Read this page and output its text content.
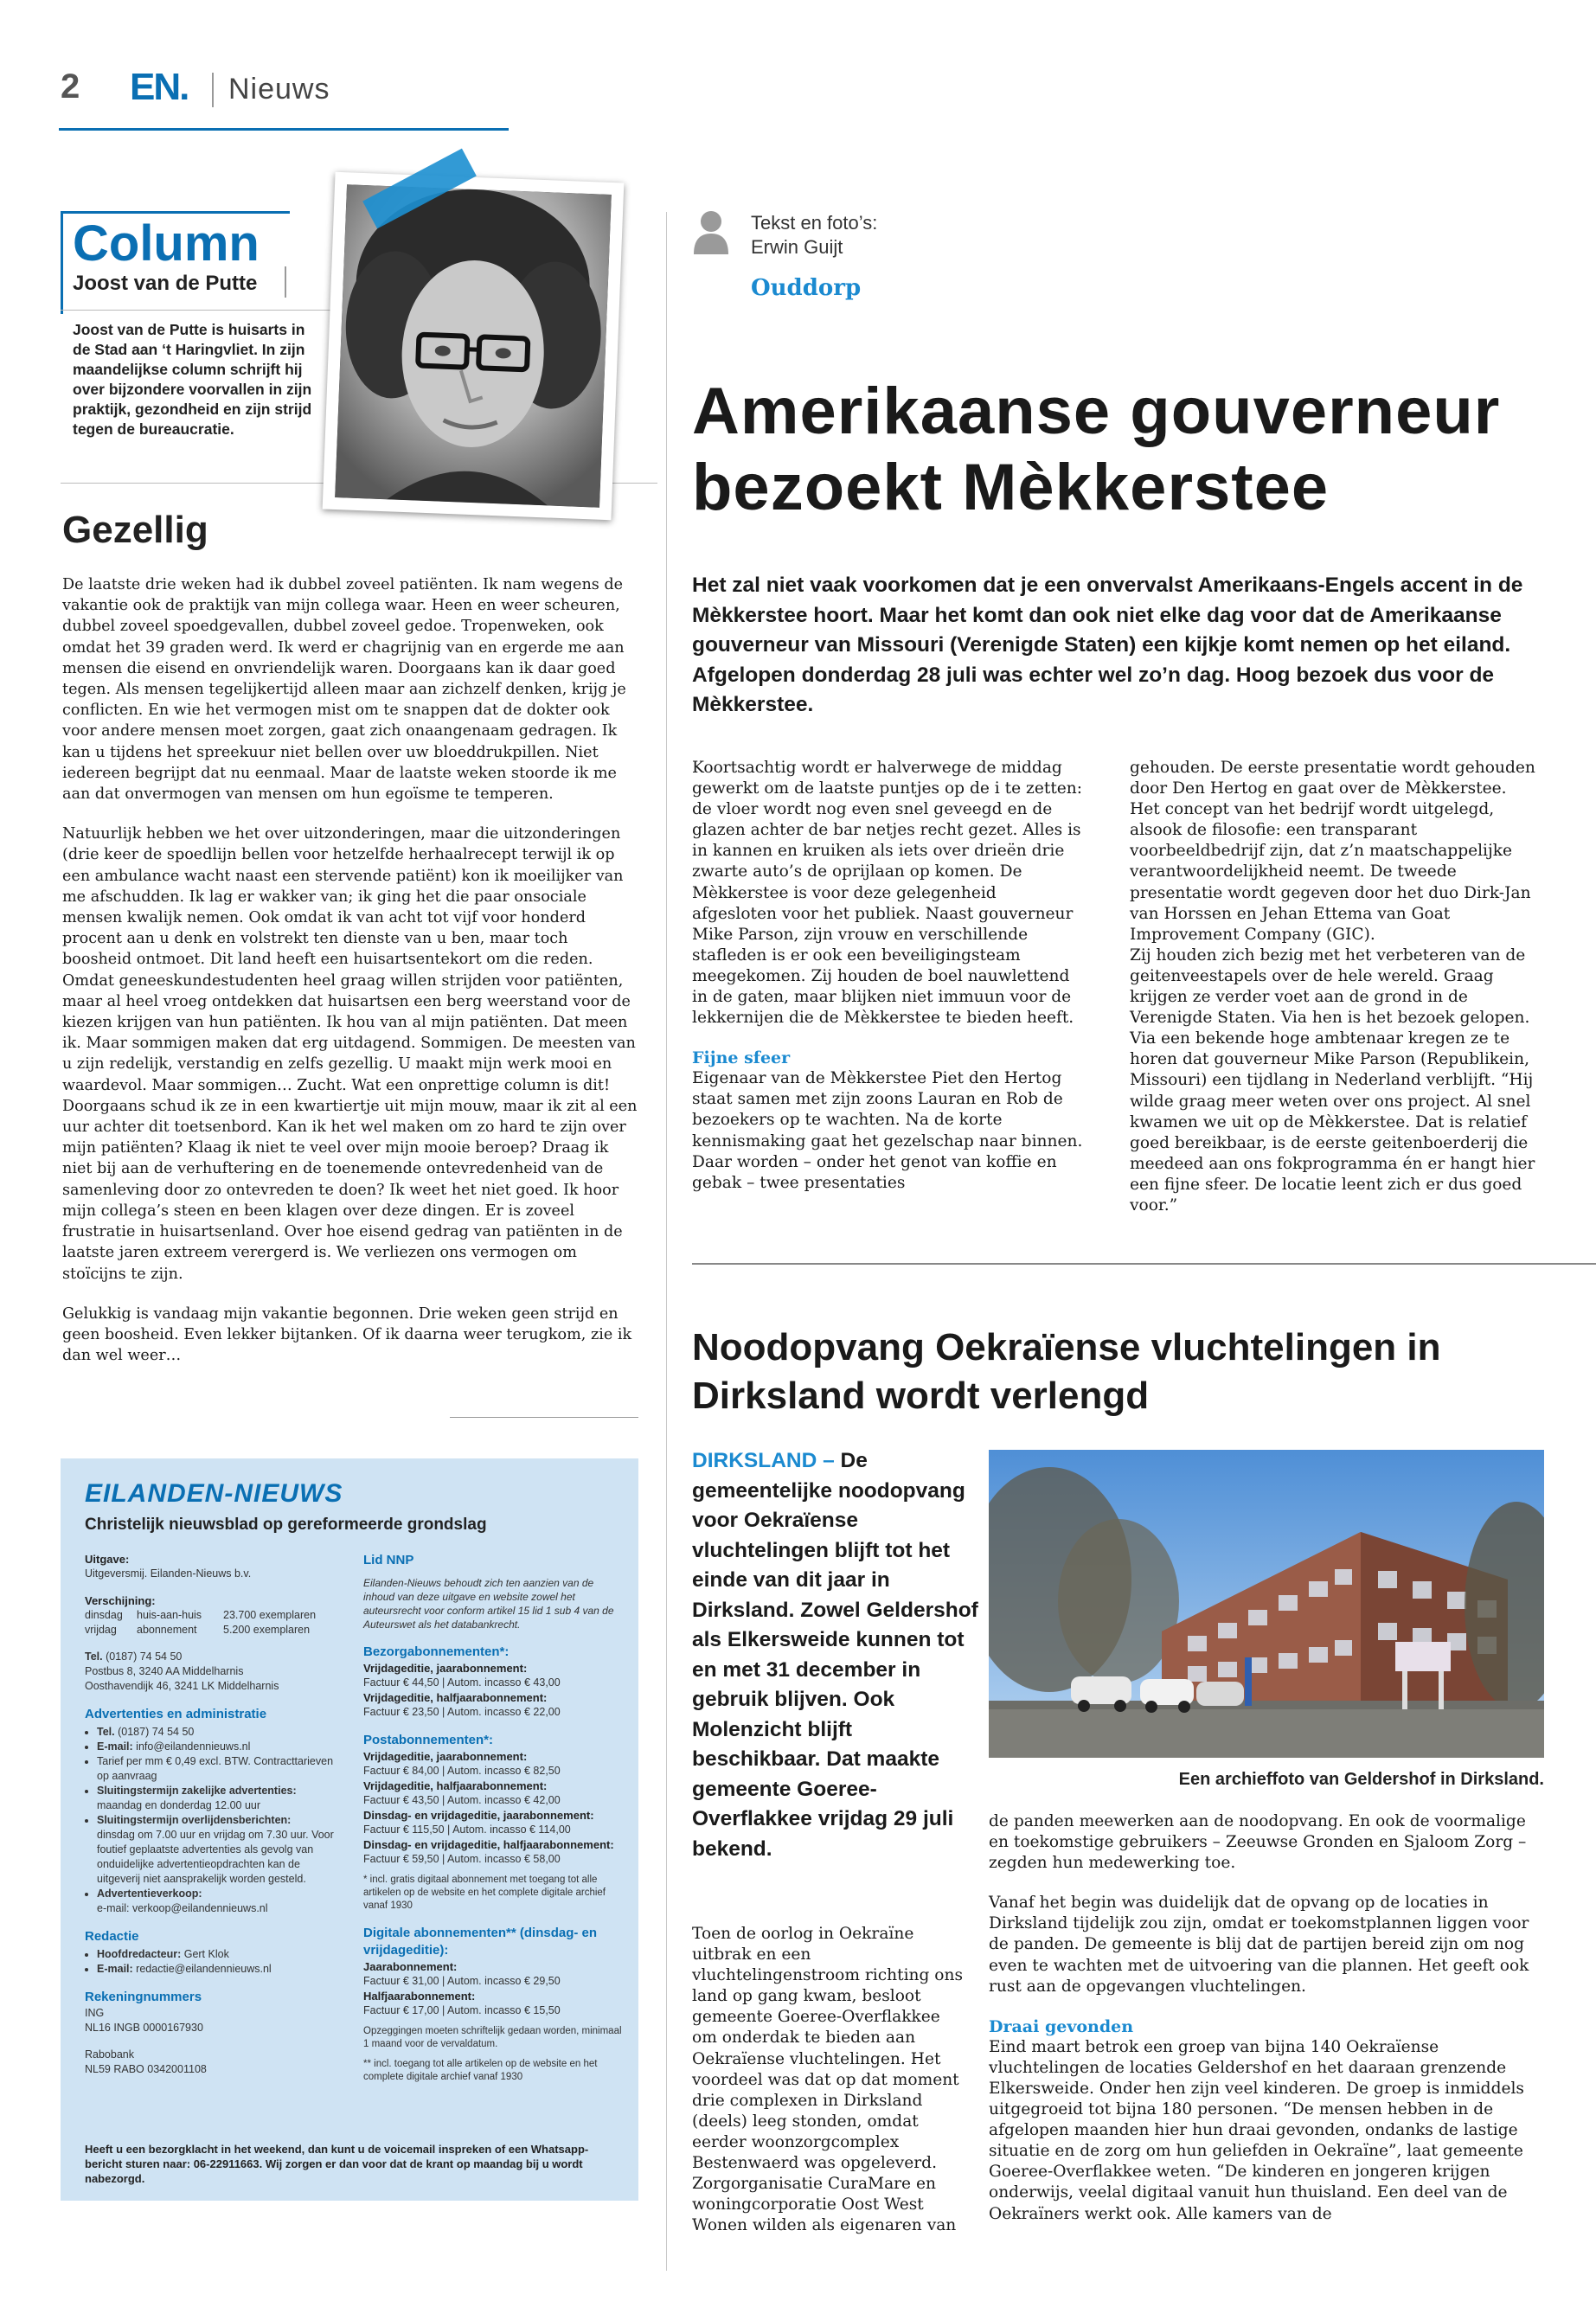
2 EN. Nieuws
Column
Joost van de Putte
Joost van de Putte is huisarts in de Stad aan ‘t Haringvliet. In zijn maandelijkse column schrijft hij over bijzondere voorvallen in zijn praktijk, gezondheid en zijn strijd tegen de bureaucratie.
Gezellig

De laatste drie weken had ik dubbel zoveel patiënten. Ik nam wegens de vakantie ook de praktijk van mijn collega waar. Heen en weer scheuren, dubbel zoveel spoedgevallen, dubbel zoveel gedoe. Tropenweken, ook omdat het 39 graden werd. Ik werd er chagrijnig van en ergerde me aan mensen die eisend en onvriendelijk waren. Doorgaans kan ik daar goed tegen. Als mensen tegelijkertijd alleen maar aan zichzelf denken, krijg je conflicten. En wie het vermogen mist om te snappen dat de dokter ook voor andere mensen moet zorgen, gaat zich onaangenaam gedragen. Ik kan u tijdens het spreekuur niet bellen over uw bloeddrukpillen. Niet iedereen begrijpt dat nu eenmaal. Maar de laatste weken stoorde ik me aan dat onvermogen van mensen om hun egoïsme te temperen.

Natuurlijk hebben we het over uitzonderingen, maar die uitzonderingen (drie keer de spoedlijn bellen voor hetzelfde herhaalrecept terwijl ik op een ambulance wacht naast een stervende patiënt) kon ik moeilijker van me afschudden. Ik lag er wakker van; ik ging het die paar onsociale mensen kwalijk nemen. Ook omdat ik van acht tot vijf voor honderd procent aan u denk en volstrekt ten dienste van u ben, maar toch boosheid ontmoet. Dit land heeft een huisartsentekort om die reden. Omdat geneeskundestudenten heel graag willen strijden voor patiënten, maar al heel vroeg ontdekken dat huisartsen een berg weerstand voor de kiezen krijgen van hun patiënten. Ik hou van al mijn patiënten. Dat meen ik. Maar sommigen maken dat erg uitdagend. Sommigen. De meesten van u zijn redelijk, verstandig en zelfs gezellig. U maakt mijn werk mooi en waardevol. Maar sommigen… Zucht. Wat een onprettige column is dit! Doorgaans schud ik ze in een kwartiertje uit mijn mouw, maar ik zit al een uur achter dit toetsenbord. Kan ik het wel maken om zo hard te zijn over mijn patiënten? Klaag ik niet te veel over mijn mooie beroep? Draag ik niet bij aan de verhuftering en de toenemende ontevredenheid van de samenleving door zo ontevreden te doen? Ik weet het niet goed. Ik hoor mijn collega’s steen en been klagen over deze dingen. Er is zoveel frustratie in huisartsenland. Over hoe eisend gedrag van patiënten in de laatste jaren extreem verergerd is. We verliezen ons vermogen om stoïcijns te zijn.

Gelukkig is vandaag mijn vakantie begonnen. Drie weken geen strijd en geen boosheid. Even lekker bijtanken. Of ik daarna weer terugkom, zie ik dan wel weer…

EILANDEN-NIEUWS
Christelijk nieuwsblad op gereformeerde grondslag
Uitgave:
Uitgeversmij. Eilanden-Nieuws b.v.
Verschijning:
dinsdag	huis-aan-huis	23.700 exemplaren
vrijdag	abonnement	5.200 exemplaren
Tel. (0187) 74 54 50
Postbus 8, 3240 AA Middelharnis
Oosthavendijk 46, 3241 LK Middelharnis
Advertenties en administratie
• Tel. (0187) 74 54 50
• E-mail: info@eilandennieuws.nl
• Tarief per mm € 0,49 excl. BTW. Contracttarieven op aanvraag
• Sluitingstermijn zakelijke advertenties:
maandag en donderdag 12.00 uur
• Sluitingstermijn overlijdensberichten:
dinsdag om 7.00 uur en vrijdag om 7.30 uur. Voor foutief geplaatste advertenties als gevolg van onduidelijke advertentieopdrachten kan de uitgeverij niet aansprakelijk worden gesteld.
• Advertentieverkoop:
e-mail: verkoop@eilandennieuws.nl
Redactie
• Hoofdredacteur: Gert Klok
• E-mail: redactie@eilandennieuws.nl
Rekeningnummers
ING
NL16 INGB 0000167930
Rabobank
NL59 RABO 0342001108
Lid NNP
Eilanden-Nieuws behoudt zich ten aanzien van de inhoud van deze uitgave en website zowel het auteursrecht voor conform artikel 15 lid 1 sub 4 van de Auteurswet als het databankrecht.
Bezorgabonnementen*:
Vrijdageditie, jaarabonnement:
Factuur € 44,50 | Autom. incasso € 43,00
Vrijdageditie, halfjaarabonnement:
Factuur € 23,50 | Autom. incasso € 22,00
Postabonnementen*:
Vrijdageditie, jaarabonnement:
Factuur € 84,00 | Autom. incasso € 82,50
Vrijdageditie, halfjaarabonnement:
Factuur € 43,50 | Autom. incasso € 42,00
Dinsdag- en vrijdageditie, jaarabonnement:
Factuur € 115,50 | Autom. incasso € 114,00
Dinsdag- en vrijdageditie, halfjaarabonnement:
Factuur € 59,50 | Autom. incasso € 58,00
* incl. gratis digitaal abonnement met toegang tot alle artikelen op de website en het complete digitale archief vanaf 1930
Digitale abonnementen** (dinsdag- en vrijdageditie):
Jaarabonnement:
Factuur € 31,00 | Autom. incasso € 29,50
Halfjaarabonnement:
Factuur € 17,00 | Autom. incasso € 15,50
Opzeggingen moeten schriftelijk gedaan worden, minimaal 1 maand voor de vervaldatum.
** incl. toegang tot alle artikelen op de website en het complete digitale archief vanaf 1930
Heeft u een bezorgklacht in het weekend, dan kunt u de voicemail inspreken of een Whatsapp-bericht sturen naar: 06-22911663. Wij zorgen er dan voor dat de krant op maandag bij u wordt nabezorgd.
Tekst en foto’s:
Erwin Guijt
Ouddorp
Amerikaanse gouverneur bezoekt Mèkkerstee
Het zal niet vaak voorkomen dat je een onvervalst Amerikaans-Engels accent in de Mèkkerstee hoort. Maar het komt dan ook niet elke dag voor dat de Amerikaanse gouverneur van Missouri (Verenigde Staten) een kijkje komt nemen op het eiland. Afgelopen donderdag 28 juli was echter wel zo’n dag. Hoog bezoek dus voor de Mèkkerstee.

Koortsachtig wordt er halverwege de middag gewerkt om de laatste puntjes op de i te zetten: de vloer wordt nog even snel geveegd en de glazen achter de bar netjes recht gezet. Alles is in kannen en kruiken als iets over drieën drie zwarte auto’s de oprijlaan op komen. De Mèkkerstee is voor deze gelegenheid afgesloten voor het publiek. Naast gouverneur Mike Parson, zijn vrouw en verschillende stafleden is er ook een beveiligingsteam meegekomen. Zij houden de boel nauwlettend in de gaten, maar blijken niet immuun voor de lekkernijen die de Mèkkerstee te bieden heeft.

Fijne sfeer

Eigenaar van de Mèkkerstee Piet den Hertog staat samen met zijn zoons Lauran en Rob de bezoekers op te wachten. Na de korte kennismaking gaat het gezelschap naar binnen. Daar worden – onder het genot van koffie en gebak – twee presentaties

gehouden. De eerste presentatie wordt gehouden door Den Hertog en gaat over de Mèkkerstee. Het concept van het bedrijf wordt uitgelegd, alsook de filosofie: een transparant voorbeeldbedrijf zijn, dat z’n maatschappelijke verantwoordelijkheid neemt. De tweede presentatie wordt gegeven door het duo Dirk-Jan van Horssen en Jehan Ettema van Goat Improvement Company (GIC).

Zij houden zich bezig met het verbeteren van de geitenveestapels over de hele wereld. Graag krijgen ze verder voet aan de grond in de Verenigde Staten. Via hen is het bezoek gelopen. Via een bekende hoge ambtenaar kregen ze te horen dat gouverneur Mike Parson (Republikein, Missouri) een tijdlang in Nederland verblijft. “Hij wilde graag meer weten over ons project. Al snel kwamen we uit op de Mèkkerstee. Dat is relatief goed bereikbaar, is de eerste geitenboerderij die meedeed aan ons fokprogramma én er hangt hier een fijne sfeer. De locatie leent zich er dus goed voor.”

Noodopvang Oekraïense vluchtelingen in Dirksland wordt verlengd
DIRKSLAND – De gemeentelijke noodopvang voor Oekraïense vluchtelingen blijft tot het einde van dit jaar in Dirksland. Zowel Geldershof als Elkersweide kunnen tot en met 31 december in gebruik blijven. Ook Molenzicht blijft beschikbaar. Dat maakte gemeente Goeree-Overflakkee vrijdag 29 juli bekend.
Een archieffoto van Geldershof in Dirksland.

Toen de oorlog in Oekraïne uitbrak en een vluchtelingenstroom richting ons land op gang kwam, besloot gemeente Goeree-Overflakkee om onderdak te bieden aan Oekraïense vluchtelingen. Het voordeel was dat op dat moment drie complexen in Dirksland (deels) leeg stonden, omdat eerder woonzorgcomplex Bestenwaerd was opgeleverd. Zorgorganisatie CuraMare en woningcorporatie Oost West Wonen wilden als eigenaren van

de panden meewerken aan de noodopvang. En ook de voormalige en toekomstige gebruikers – Zeeuwse Gronden en Sjaloom Zorg – zegden hun medewerking toe.

Vanaf het begin was duidelijk dat de opvang op de locaties in Dirksland tijdelijk zou zijn, omdat er toekomstplannen liggen voor de panden. De gemeente is blij dat de partijen bereid zijn om nog even te wachten met de uitvoering van die plannen. Het geeft ook rust aan de opgevangen vluchtelingen.

Draai gevonden

Eind maart betrok een groep van bijna 140 Oekraïense vluchtelingen de locaties Geldershof en het daaraan grenzende Elkersweide. Onder hen zijn veel kinderen. De groep is inmiddels uitgegroeid tot bijna 180 personen. “De mensen hebben in de afgelopen maanden hier hun draai gevonden, ondanks de lastige situatie en de zorg om hun geliefden in Oekraïne”, laat gemeente Goeree-Overflakkee weten. “De kinderen en jongeren krijgen onderwijs, veelal digitaal vanuit hun thuisland. Een deel van de Oekraïners werkt ook. Alle kamers van de
